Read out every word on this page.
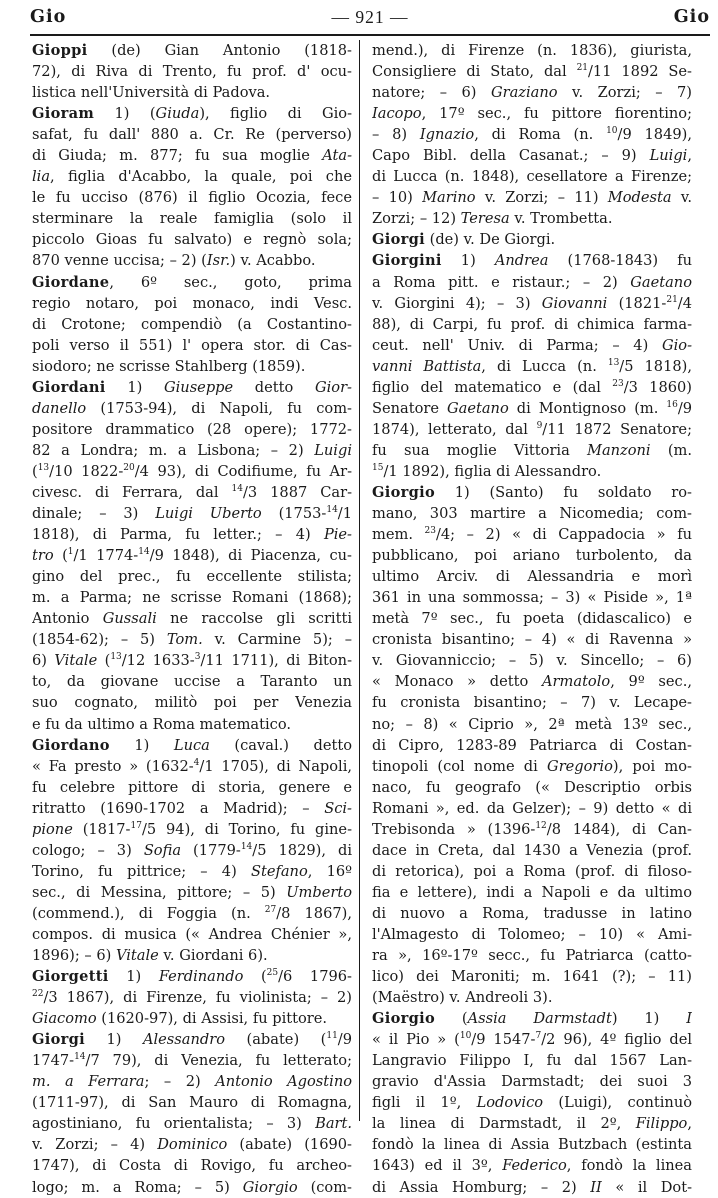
Gio	— 921 —	Gio
Gioppi (de) Gian Antonio (1818-
72), di Riva di Trento, fu prof. d' ocu-
listica nell'Università di Padova.
Gioram 1) (Giuda), figlio di Gio-
safat, fu dall' 880 a. Cr. Re (perverso)
di Giuda; m. 877; fu sua moglie Ata-
lia, figlia d'Acabbo, la quale, poi che
le fu ucciso (876) il figlio Ocozia, fece
sterminare la reale famiglia (solo il
piccolo Gioas fu salvato) e regnò sola;
870 venne uccisa; – 2) (Isr.) v. Acabbo.
Giordane, 6º sec., goto, prima
regio notaro, poi monaco, indi Vesc.
di Crotone; compendiò (a Costantino-
poli verso il 551) l' opera stor. di Cas-
siodoro; ne scrisse Stahlberg (1859).
Giordani 1) Giuseppe detto Gior-
danello (1753-94), di Napoli, fu com-
positore drammatico (28 opere); 1772-
82 a Londra; m. a Lisbona; – 2) Luigi
($^{13}$/10 1822-$^{20}$/4 93), di Codifiume, fu Ar-
civesc. di Ferrara, dal $^{14}$/3 1887 Car-
dinale; – 3) Luigi Uberto (1753-$^{14}$/1
1818), di Parma, fu letter.; – 4) Pie-
tro ($^1$/1 1774-$^{14}$/9 1848), di Piacenza, cu-
gino del prec., fu eccellente stilista;
m. a Parma; ne scrisse Romani (1868);
Antonio Gussali ne raccolse gli scritti
(1854-62); – 5) Tom. v. Carmine 5); –
6) Vitale ($^{13}$/12 1633-$^3$/11 1711), di Biton-
to, da giovane uccise a Taranto un
suo cognato, militò poi per Venezia
e fu da ultimo a Roma matematico.
Giordano 1) Luca (caval.) detto
« Fa presto » (1632-$^4$/1 1705), di Napoli,
fu celebre pittore di storia, genere e
ritratto (1690-1702 a Madrid); – Sci-
pione (1817-$^{17}$/5 94), di Torino, fu gine-
cologo; – 3) Sofia (1779-$^{14}$/5 1829), di
Torino, fu pittrice; – 4) Stefano, 16º
sec., di Messina, pittore; – 5) Umberto
(commend.), di Foggia (n. $^{27}$/8 1867),
compos. di musica (« Andrea Chénier »,
1896); – 6) Vitale v. Giordani 6).
Giorgetti 1) Ferdinando ($^{25}$/6 1796-
$^{22}$/3 1867), di Firenze, fu violinista; – 2)
Giacomo (1620-97), di Assisi, fu pittore.
Giorgi 1) Alessandro (abate) ($^{11}$/9
1747-$^{14}$/7 79), di Venezia, fu letterato;
m. a Ferrara; – 2) Antonio Agostino
(1711-97), di San Mauro di Romagna,
agostiniano, fu orientalista; – 3) Bart.
v. Zorzi; – 4) Dominico (abate) (1690-
1747), di Costa di Rovigo, fu archeo-
logo; m. a Roma; – 5) Giorgio (com-
mend.), di Firenze (n. 1836), giurista,
Consigliere di Stato, dal $^{21}$/11 1892 Se-
natore; – 6) Graziano v. Zorzi; – 7)
Iacopo, 17º sec., fu pittore fiorentino;
– 8) Ignazio, di Roma (n. $^{10}$/9 1849),
Capo Bibl. della Casanat.; – 9) Luigi,
di Lucca (n. 1848), cesellatore a Firenze;
– 10) Marino v. Zorzi; – 11) Modesta v.
Zorzi; – 12) Teresa v. Trombetta.
Giorgi (de) v. De Giorgi.
Giorgini 1) Andrea (1768-1843) fu
a Roma pitt. e ristaur.; – 2) Gaetano
v. Giorgini 4); – 3) Giovanni (1821-$^{21}$/4
88), di Carpi, fu prof. di chimica farma-
ceut. nell' Univ. di Parma; – 4) Gio-
vanni Battista, di Lucca (n. $^{13}$/5 1818),
figlio del matematico e (dal $^{23}$/3 1860)
Senatore Gaetano di Montignoso (m. $^{16}$/9
1874), letterato, dal $^9$/11 1872 Senatore;
fu sua moglie Vittoria Manzoni (m.
$^{15}$/1 1892), figlia di Alessandro.
Giorgio 1) (Santo) fu soldato ro-
mano, 303 martire a Nicomedia; com-
mem. $^{23}$/4; – 2) « di Cappadocia » fu
pubblicano, poi ariano turbolento, da
ultimo Arciv. di Alessandria e morì
361 in una sommossa; – 3) « Piside », 1ª
metà 7º sec., fu poeta (didascalico) e
cronista bisantino; – 4) « di Ravenna »
v. Giovanniccio; – 5) v. Sincello; – 6)
« Monaco » detto Armatolo, 9º sec.,
fu cronista bisantino; – 7) v. Lecape-
no; – 8) « Ciprio », 2ª metà 13º sec.,
di Cipro, 1283-89 Patriarca di Costan-
tinopoli (col nome di Gregorio), poi mo-
naco, fu geografo (« Descriptio orbis
Romani », ed. da Gelzer); – 9) detto « di
Trebisonda » (1396-$^{12}$/8 1484), di Can-
dace in Creta, dal 1430 a Venezia (prof.
di retorica), poi a Roma (prof. di filoso-
fia e lettere), indi a Napoli e da ultimo
di nuovo a Roma, tradusse in latino
l'Almagesto di Tolomeo; – 10) « Ami-
ra », 16º-17º secc., fu Patriarca (catto-
lico) dei Maroniti; m. 1641 (?); – 11)
(Maëstro) v. Andreoli 3).
Giorgio (Assia Darmstadt) 1) I
« il Pio » ($^{10}$/9 1547-$^7$/2 96), 4º figlio del
Langravio Filippo I, fu dal 1567 Lan-
gravio d'Assia Darmstadt; dei suoi 3
figli il 1º, Lodovico (Luigi), continuò
la linea di Darmstadt, il 2º, Filippo,
fondò la linea di Assia Butzbach (estinta
1643) ed il 3º, Federico, fondò la linea
di Assia Homburg; – 2) II « il Dot-
